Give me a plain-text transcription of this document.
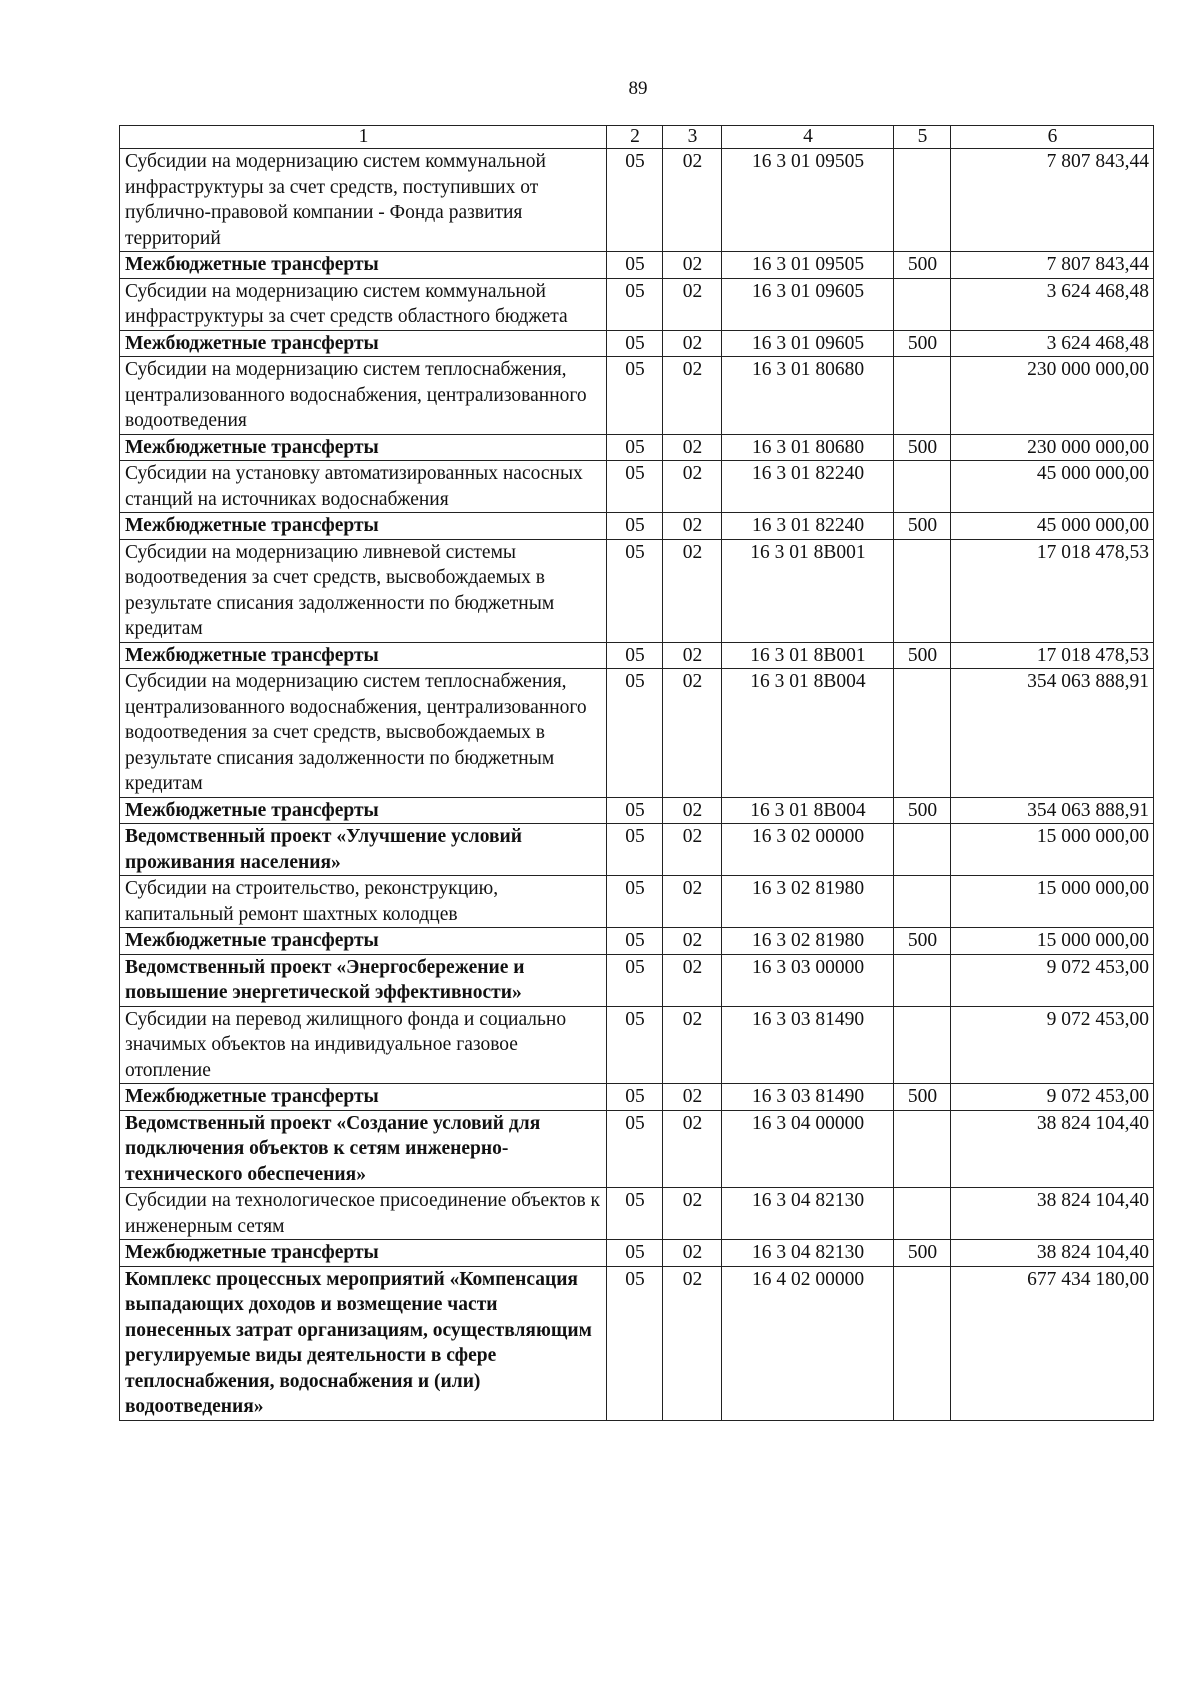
89
1	2	3	4	5	6
Субсидии на модернизацию систем коммунальной инфраструктуры за счет средств, поступивших от публично-правовой компании - Фонда развития территорий	05	02	16 3 01 09505		7 807 843,44
Межбюджетные трансферты	05	02	16 3 01 09505	500	7 807 843,44
Субсидии на модернизацию систем коммунальной инфраструктуры за счет средств областного бюджета	05	02	16 3 01 09605		3 624 468,48
Межбюджетные трансферты	05	02	16 3 01 09605	500	3 624 468,48
Субсидии на модернизацию систем теплоснабжения, централизованного водоснабжения, централизованного водоотведения	05	02	16 3 01 80680		230 000 000,00
Межбюджетные трансферты	05	02	16 3 01 80680	500	230 000 000,00
Субсидии на установку автоматизированных насосных станций на источниках водоснабжения	05	02	16 3 01 82240		45 000 000,00
Межбюджетные трансферты	05	02	16 3 01 82240	500	45 000 000,00
Субсидии на модернизацию ливневой системы водоотведения за счет средств, высвобождаемых в результате списания задолженности по бюджетным кредитам	05	02	16 3 01 8В001		17 018 478,53
Межбюджетные трансферты	05	02	16 3 01 8В001	500	17 018 478,53
Субсидии на модернизацию систем теплоснабжения, централизованного водоснабжения, централизованного водоотведения за счет средств, высвобождаемых в результате списания задолженности по бюджетным кредитам	05	02	16 3 01 8В004		354 063 888,91
Межбюджетные трансферты	05	02	16 3 01 8В004	500	354 063 888,91
Ведомственный проект «Улучшение условий проживания населения»	05	02	16 3 02 00000		15 000 000,00
Субсидии на строительство, реконструкцию, капитальный ремонт шахтных колодцев	05	02	16 3 02 81980		15 000 000,00
Межбюджетные трансферты	05	02	16 3 02 81980	500	15 000 000,00
Ведомственный проект «Энергосбережение и повышение энергетической эффективности»	05	02	16 3 03 00000		9 072 453,00
Субсидии на перевод жилищного фонда и социально значимых объектов на индивидуальное газовое отопление	05	02	16 3 03 81490		9 072 453,00
Межбюджетные трансферты	05	02	16 3 03 81490	500	9 072 453,00
Ведомственный проект «Создание условий для подключения объектов к сетям инженерно-технического обеспечения»	05	02	16 3 04 00000		38 824 104,40
Субсидии на технологическое присоединение объектов к инженерным сетям	05	02	16 3 04 82130		38 824 104,40
Межбюджетные трансферты	05	02	16 3 04 82130	500	38 824 104,40
Комплекс процессных мероприятий «Компенсация выпадающих доходов и возмещение части понесенных затрат организациям, осуществляющим регулируемые виды деятельности в сфере теплоснабжения, водоснабжения и (или) водоотведения»	05	02	16 4 02 00000		677 434 180,00
